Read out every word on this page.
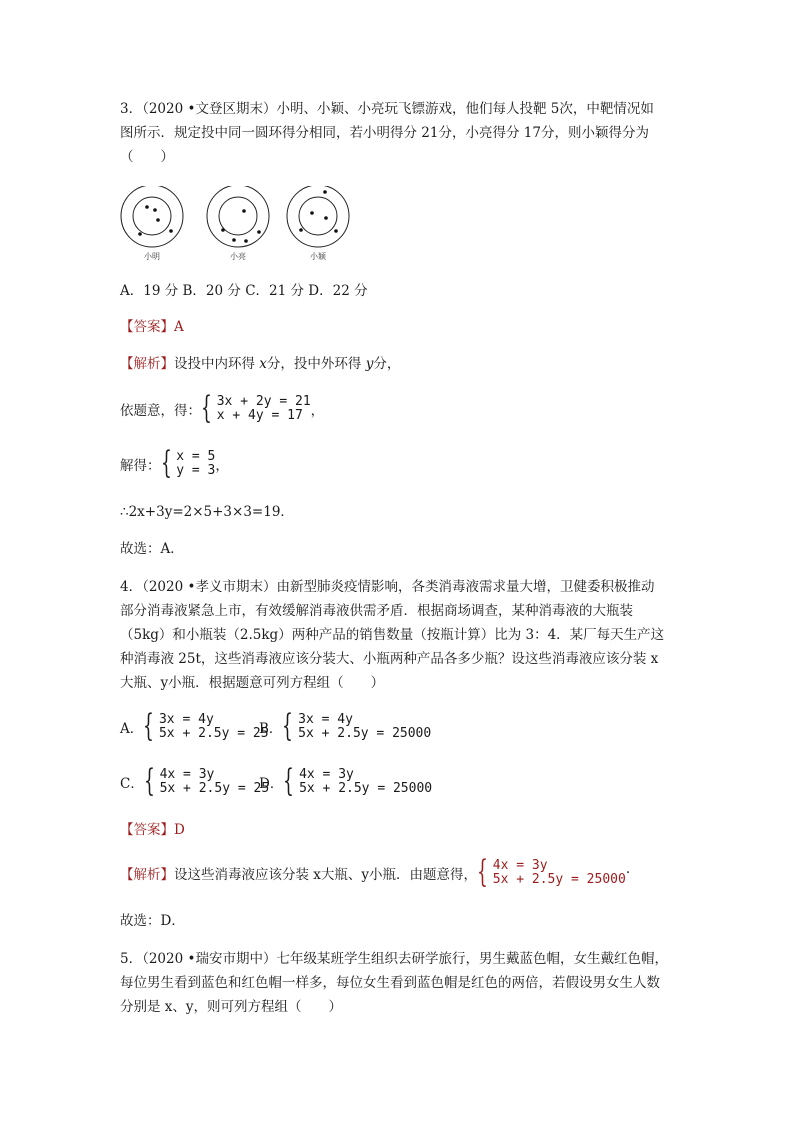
3．（2020 •文登区期末）小明、小颖、小亮玩飞镖游戏，他们每人投靶 5次，中靶情况如
图所示．规定投中同一圆环得分相同，若小明得分 21分，小亮得分 17分，则小颖得分为
（　　）
小明	小亮	小颖
A．19 分 B．20 分 C．21 分 D．22 分
【答案】A
【解析】设投中内环得 x分，投中外环得 y分，
依题意，得： { 3x + 2y = 21
x + 4y = 17 ，
解得： { x = 5
y = 3 ，
∴2x+3y=2×5+3×3=19．
故选：A．
4．（2020 •孝义市期末）由新型肺炎疫情影响，各类消毒液需求量大增，卫健委积极推动
部分消毒液紧急上市，有效缓解消毒液供需矛盾．根据商场调查，某种消毒液的大瓶装
（5kg）和小瓶装（2.5kg）两种产品的销售数量（按瓶计算）比为 3：4．某厂每天生产这
种消毒液 25t，这些消毒液应该分装大、小瓶两种产品各多少瓶？设这些消毒液应该分装 x
大瓶、y小瓶．根据题意可列方程组（　　）
A． { 3x = 4y
5x + 2.5y = 25
B． { 3x = 4y
5x + 2.5y = 25000
C． { 4x = 3y
5x + 2.5y = 25
D． { 4x = 3y
5x + 2.5y = 25000
【答案】D
【解析】 设这些消毒液应该分装 x大瓶、y小瓶．由题意得， { 4x = 3y
5x + 2.5y = 25000 ·
故选：D．
5．（2020 •瑞安市期中）七年级某班学生组织去研学旅行，男生戴蓝色帽，女生戴红色帽，
每位男生看到蓝色和红色帽一样多，每位女生看到蓝色帽是红色的两倍，若假设男女生人数
分别是 x、y，则可列方程组（　　）
